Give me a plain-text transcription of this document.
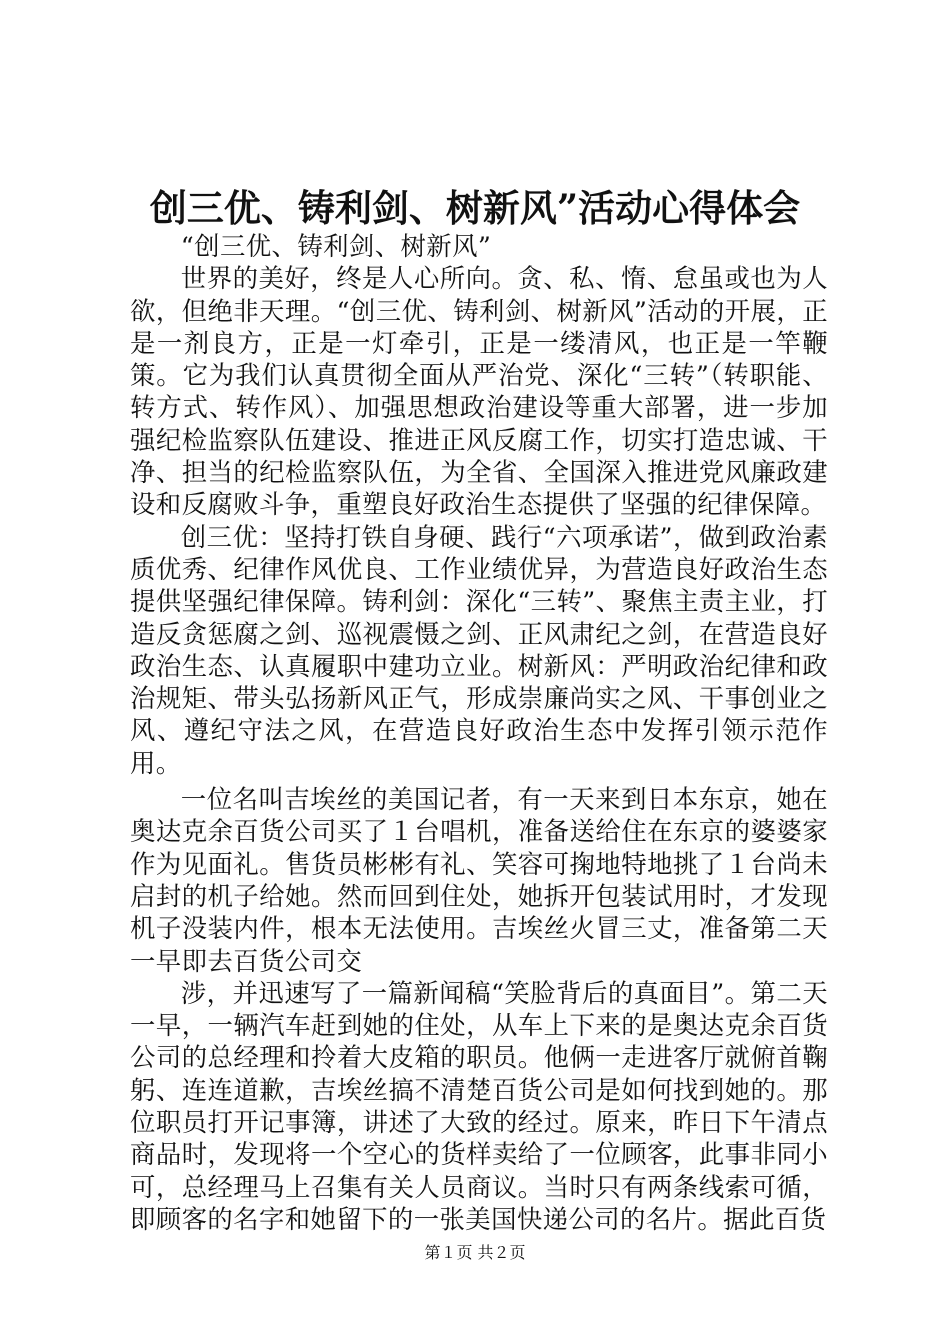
创三优、铸利剑、树新风”活动心得体会

“创三优、铸利剑、树新风”

世界的美好，终是人心所向。贪、私、惰、怠虽或也为人欲，但绝非天理。“创三优、铸利剑、树新风”活动的开展，正是一剂良方，正是一灯牵引，正是一缕清风，也正是一竿鞭策。它为我们认真贯彻全面从严治党、深化“三转”（转职能、转方式、转作风）、加强思想政治建设等重大部署，进一步加强纪检监察队伍建设、推进正风反腐工作，切实打造忠诚、干净、担当的纪检监察队伍，为全省、全国深入推进党风廉政建设和反腐败斗争，重塑良好政治生态提供了坚强的纪律保障。

创三优：坚持打铁自身硬、践行“六项承诺”，做到政治素质优秀、纪律作风优良、工作业绩优异，为营造良好政治生态提供坚强纪律保障。铸利剑：深化“三转”、聚焦主责主业，打造反贪惩腐之剑、巡视震慑之剑、正风肃纪之剑，在营造良好政治生态、认真履职中建功立业。树新风：严明政治纪律和政治规矩、带头弘扬新风正气，形成崇廉尚实之风、干事创业之风、遵纪守法之风，在营造良好政治生态中发挥引领示范作用。

一位名叫吉埃丝的美国记者，有一天来到日本东京，她在奥达克余百货公司买了１台唱机，准备送给住在东京的婆婆家作为见面礼。售货员彬彬有礼、笑容可掬地特地挑了１台尚未启封的机子给她。然而回到住处，她拆开包装试用时，才发现机子没装内件，根本无法使用。吉埃丝火冒三丈，准备第二天一早即去百货公司交

涉，并迅速写了一篇新闻稿“笑脸背后的真面目”。第二天一早，一辆汽车赶到她的住处，从车上下来的是奥达克余百货公司的总经理和拎着大皮箱的职员。他俩一走进客厅就俯首鞠躬、连连道歉，吉埃丝搞不清楚百货公司是如何找到她的。那位职员打开记事簿，讲述了大致的经过。原来，昨日下午清点商品时，发现将一个空心的货样卖给了一位顾客，此事非同小可，总经理马上召集有关人员商议。当时只有两条线索可循，即顾客的名字和她留下的一张美国快递公司的名片。据此百货

第１页 共２页
